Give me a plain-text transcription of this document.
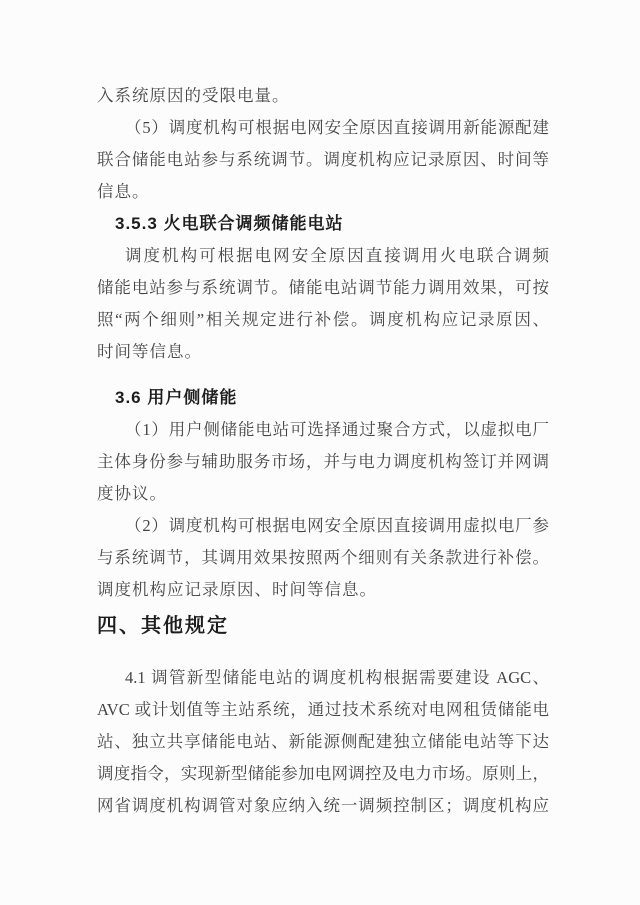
入系统原因的受限电量。
（5）调度机构可根据电网安全原因直接调用新能源配建
联合储能电站参与系统调节。调度机构应记录原因、时间等
信息。
3.5.3 火电联合调频储能电站
调度机构可根据电网安全原因直接调用火电联合调频
储能电站参与系统调节。储能电站调节能力调用效果，可按
照“两个细则”相关规定进行补偿。调度机构应记录原因、
时间等信息。
3.6 用户侧储能
（1）用户侧储能电站可选择通过聚合方式，以虚拟电厂
主体身份参与辅助服务市场，并与电力调度机构签订并网调
度协议。
（2）调度机构可根据电网安全原因直接调用虚拟电厂参
与系统调节，其调用效果按照两个细则有关条款进行补偿。
调度机构应记录原因、时间等信息。
四、其他规定
4.1 调管新型储能电站的调度机构根据需要建设 AGC、
AVC 或计划值等主站系统，通过技术系统对电网租赁储能电
站、独立共享储能电站、新能源侧配建独立储能电站等下达
调度指令，实现新型储能参加电网调控及电力市场。原则上，
网省调度机构调管对象应纳入统一调频控制区；调度机构应
